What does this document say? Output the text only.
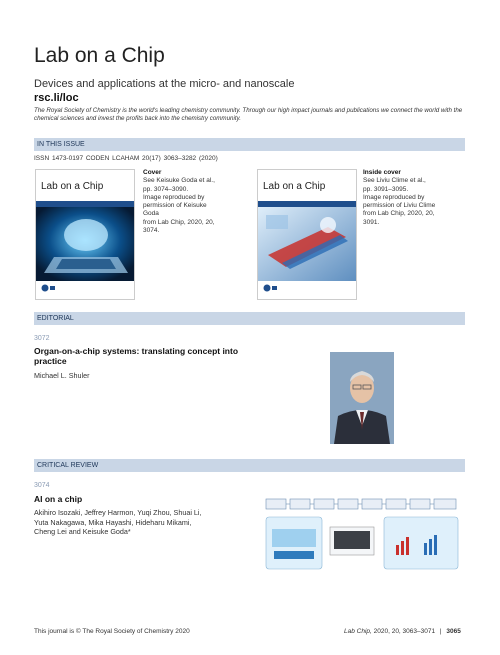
Lab on a Chip
Devices and applications at the micro- and nanoscale
rsc.li/loc
The Royal Society of Chemistry is the world's leading chemistry community. Through our high impact journals and publications we connect the world with the chemical sciences and invest the profits back into the chemistry community.
IN THIS ISSUE
ISSN 1473-0197 CODEN LCAHAM 20(17) 3063–3282 (2020)
Lab on a Chip
Cover
See Keisuke Goda et al.,
pp. 3074–3090.
Image reproduced by
permission of Keisuke Goda
from Lab Chip, 2020, 20,
3074.
Lab on a Chip
Inside cover
See Liviu Clime et al.,
pp. 3091–3095.
Image reproduced by
permission of Liviu Clime
from Lab Chip, 2020, 20,
3091.
EDITORIAL
3072
Organ-on-a-chip systems: translating concept into
practice
Michael L. Shuler
CRITICAL REVIEW
3074
AI on a chip
Akihiro Isozaki, Jeffrey Harmon, Yuqi Zhou, Shuai Li,
Yuta Nakagawa, Mika Hayashi, Hideharu Mikami,
Cheng Lei and Keisuke Goda*
This journal is © The Royal Society of Chemistry 2020	Lab Chip, 2020, 20, 3063–3071 | 3065
